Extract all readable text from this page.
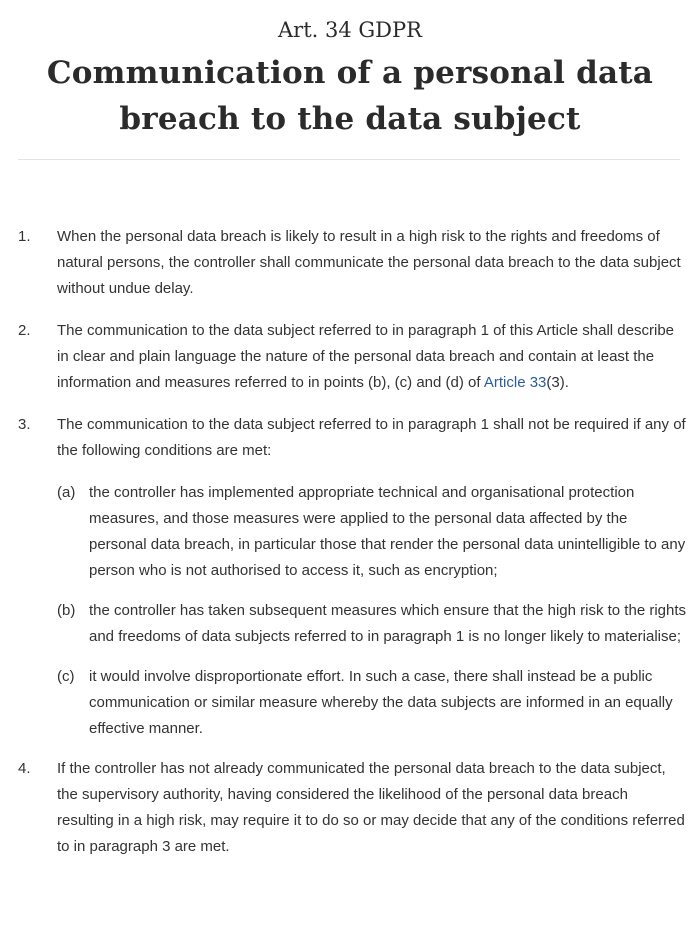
Art. 34 GDPR
Communication of a personal data breach to the data subject
1. When the personal data breach is likely to result in a high risk to the rights and freedoms of natural persons, the controller shall communicate the personal data breach to the data subject without undue delay.
2. The communication to the data subject referred to in paragraph 1 of this Article shall describe in clear and plain language the nature of the personal data breach and contain at least the information and measures referred to in points (b), (c) and (d) of Article 33(3).
3. The communication to the data subject referred to in paragraph 1 shall not be required if any of the following conditions are met:
(a) the controller has implemented appropriate technical and organisational protection measures, and those measures were applied to the personal data affected by the personal data breach, in particular those that render the personal data unintelligible to any person who is not authorised to access it, such as encryption;
(b) the controller has taken subsequent measures which ensure that the high risk to the rights and freedoms of data subjects referred to in paragraph 1 is no longer likely to materialise;
(c) it would involve disproportionate effort. In such a case, there shall instead be a public communication or similar measure whereby the data subjects are informed in an equally effective manner.
4. If the controller has not already communicated the personal data breach to the data subject, the supervisory authority, having considered the likelihood of the personal data breach resulting in a high risk, may require it to do so or may decide that any of the conditions referred to in paragraph 3 are met.
